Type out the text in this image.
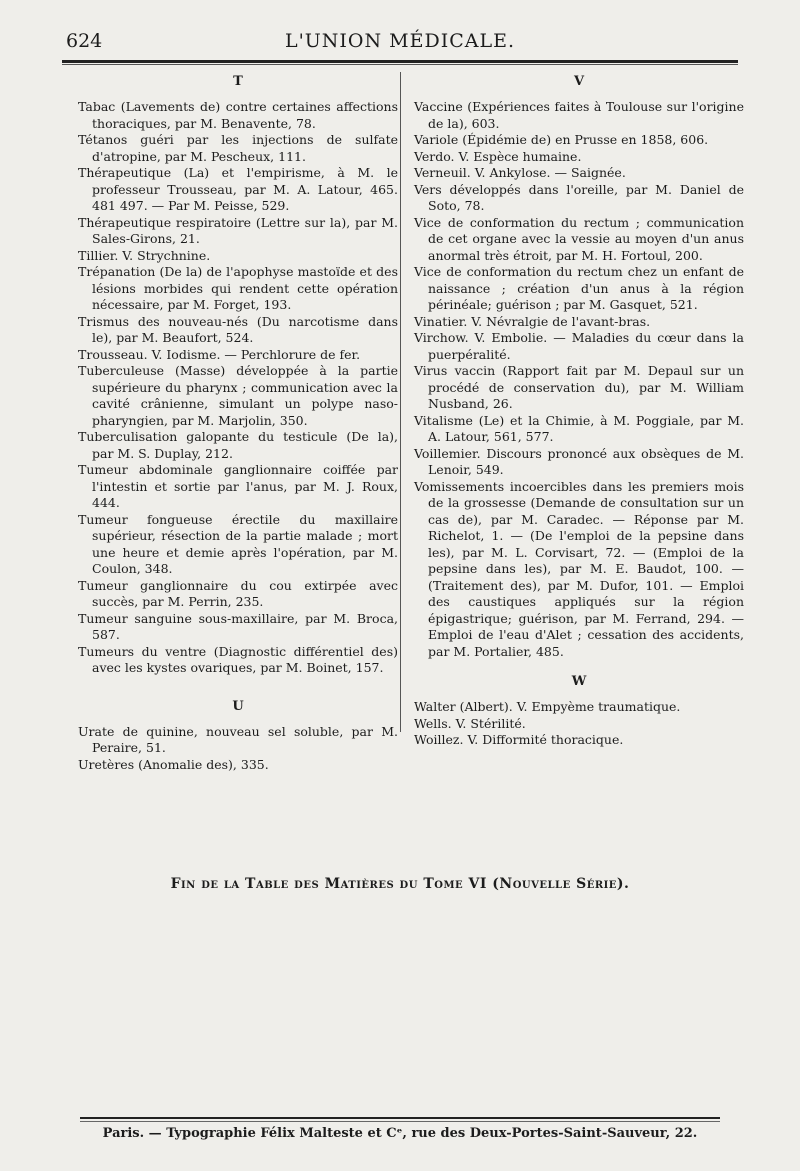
624	L'UNION MÉDICALE.
T

Tabac (Lavements de) contre certaines affections thoraciques, par M. Benavente, 78.

Tétanos guéri par les injections de sulfate d'atropine, par M. Pescheux, 111.

Thérapeutique (La) et l'empirisme, à M. le professeur Trousseau, par M. A. Latour, 465. 481 497. — Par M. Peisse, 529.

Thérapeutique respiratoire (Lettre sur la), par M. Sales-Girons, 21.

Tillier. V. Strychnine.

Trépanation (De la) de l'apophyse mastoïde et des lésions morbides qui rendent cette opération nécessaire, par M. Forget, 193.

Trismus des nouveau-nés (Du narcotisme dans le), par M. Beaufort, 524.

Trousseau. V. Iodisme. — Perchlorure de fer.

Tuberculeuse (Masse) développée à la partie supérieure du pharynx ; communication avec la cavité crânienne, simulant un polype naso-pharyngien, par M. Marjolin, 350.

Tuberculisation galopante du testicule (De la), par M. S. Duplay, 212.

Tumeur abdominale ganglionnaire coiffée par l'intestin et sortie par l'anus, par M. J. Roux, 444.

Tumeur fongueuse érectile du maxillaire supérieur, résection de la partie malade ; mort une heure et demie après l'opération, par M. Coulon, 348.

Tumeur ganglionnaire du cou extirpée avec succès, par M. Perrin, 235.

Tumeur sanguine sous-maxillaire, par M. Broca, 587.

Tumeurs du ventre (Diagnostic différentiel des) avec les kystes ovariques, par M. Boinet, 157.

U

Urate de quinine, nouveau sel soluble, par M. Peraire, 51.

Uretères (Anomalie des), 335.

V

Vaccine (Expériences faites à Toulouse sur l'origine de la), 603.

Variole (Épidémie de) en Prusse en 1858, 606.

Verdo. V. Espèce humaine.

Verneuil. V. Ankylose. — Saignée.

Vers développés dans l'oreille, par M. Daniel de Soto, 78.

Vice de conformation du rectum ; communication de cet organe avec la vessie au moyen d'un anus anormal très étroit, par M. H. Fortoul, 200.

Vice de conformation du rectum chez un enfant de naissance ; création d'un anus à la région périnéale; guérison ; par M. Gasquet, 521.

Vinatier. V. Névralgie de l'avant-bras.

Virchow. V. Embolie. — Maladies du cœur dans la puerpéralité.

Virus vaccin (Rapport fait par M. Depaul sur un procédé de conservation du), par M. William Nusband, 26.

Vitalisme (Le) et la Chimie, à M. Poggiale, par M. A. Latour, 561, 577.

Voillemier. Discours prononcé aux obsèques de M. Lenoir, 549.

Vomissements incoercibles dans les premiers mois de la grossesse (Demande de consultation sur un cas de), par M. Caradec. — Réponse par M. Richelot, 1. — (De l'emploi de la pepsine dans les), par M. L. Corvisart, 72. — (Emploi de la pepsine dans les), par M. E. Baudot, 100. — (Traitement des), par M. Dufor, 101. — Emploi des caustiques appliqués sur la région épigastrique; guérison, par M. Ferrand, 294. — Emploi de l'eau d'Alet ; cessation des accidents, par M. Portalier, 485.

W

Walter (Albert). V. Empyème traumatique.

Wells. V. Stérilité.

Woillez. V. Difformité thoracique.

Fin de la Table des Matières du Tome VI (Nouvelle Série).
Paris. — Typographie Félix Malteste et Cᵉ, rue des Deux-Portes-Saint-Sauveur, 22.
